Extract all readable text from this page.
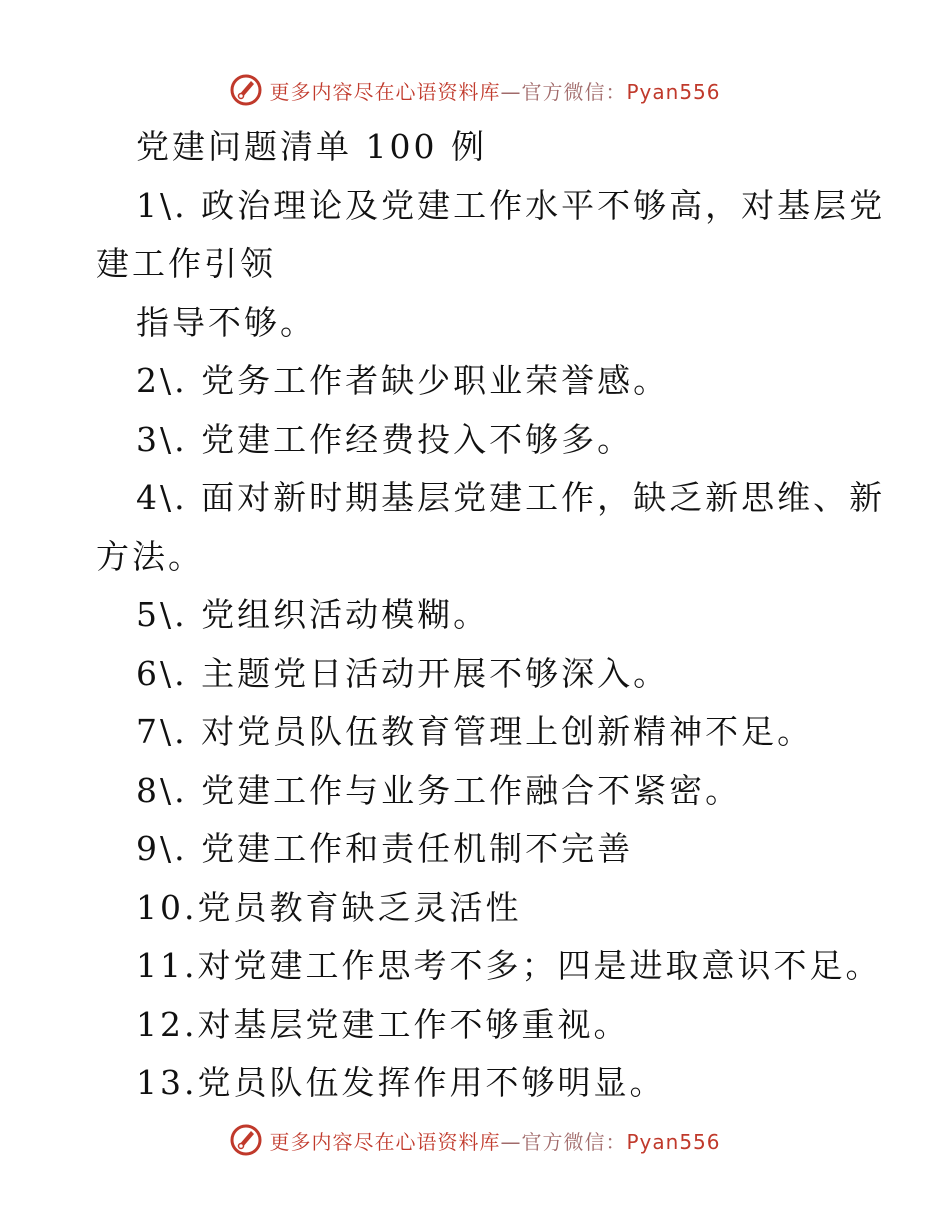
更多内容尽在心语资料库—官方微信：Pyan556
党建问题清单 100 例
1\. 政治理论及党建工作水平不够高，对基层党
建工作引领
指导不够。
2\. 党务工作者缺少职业荣誉感。
3\. 党建工作经费投入不够多。
4\. 面对新时期基层党建工作，缺乏新思维、新
方法。
5\. 党组织活动模糊。
6\. 主题党日活动开展不够深入。
7\. 对党员队伍教育管理上创新精神不足。
8\. 党建工作与业务工作融合不紧密。
9\. 党建工作和责任机制不完善
10.党员教育缺乏灵活性
11.对党建工作思考不多；四是进取意识不足。
12.对基层党建工作不够重视。
13.党员队伍发挥作用不够明显。
更多内容尽在心语资料库—官方微信：Pyan556
